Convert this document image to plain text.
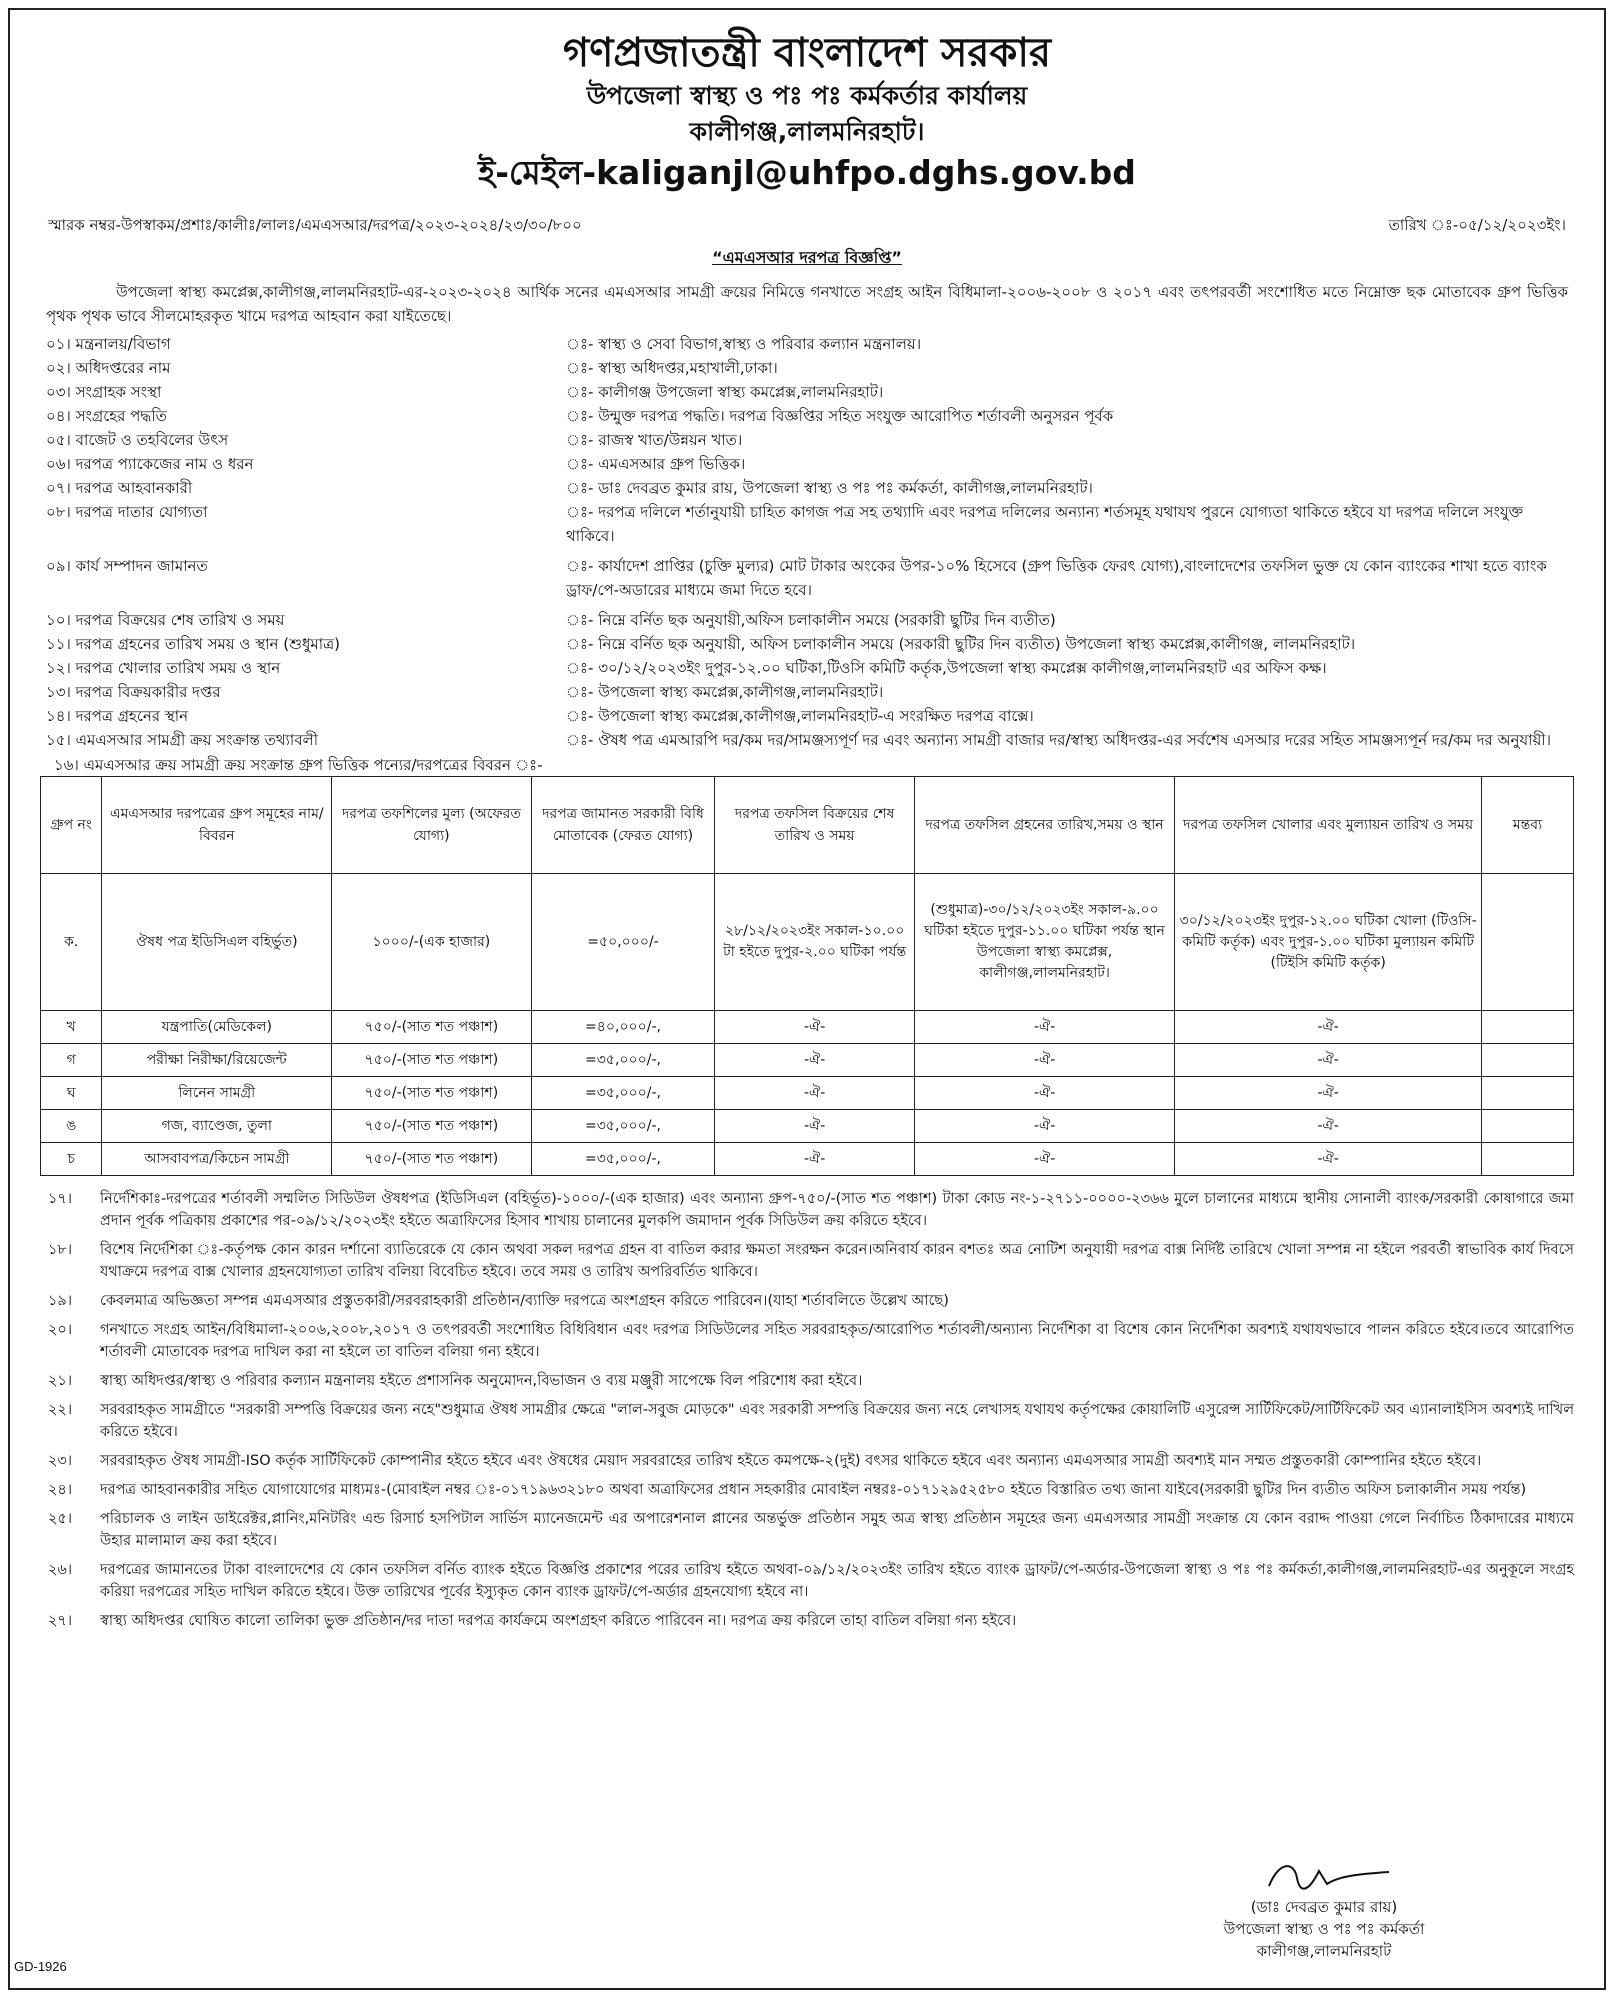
গণপ্রজাতন্ত্রী বাংলাদেশ সরকার
উপজেলা স্বাস্থ্য ও পঃ পঃ কর্মকর্তার কার্যালয়
কালীগঞ্জ,লালমনিরহাট।
ই-মেইল-kaliganjl@uhfpo.dghs.gov.bd
স্মারক নম্বর-উপস্বাকম/প্রশাঃ/কালীঃ/লালঃ/এমএসআর/দরপত্র/২০২৩-২০২৪/২৩/৩০/৮০০	তারিখ ঃ-০৫/১২/২০২৩ইং।
“এমএসআর দরপত্র বিজ্ঞপ্তি”
উপজেলা স্বাস্থ্য কমপ্লেক্স,কালীগঞ্জ,লালমনিরহাট-এর-২০২৩-২০২৪ আর্থিক সনের এমএসআর সামগ্রী ক্রয়ের নিমিত্তে গনখাতে সংগ্রহ আইন বিধিমালা-২০০৬-২০০৮ ও ২০১৭ এবং তৎপরবর্তী সংশোধিত মতে নিম্নোক্ত ছক মোতাবেক গ্রুপ ভিত্তিক পৃথক পৃথক ভাবে সীলমোহরকৃত খামে দরপত্র আহবান করা যাইতেছে।
০১। মন্ত্রনালয়/বিভাগ	ঃ- স্বাস্থ্য ও সেবা বিভাগ,স্বাস্থ্য ও পরিবার কল্যান মন্ত্রনালয়।
০২। অধিদপ্তরের নাম	ঃ- স্বাস্থ্য অধিদপ্তর,মহাখালী,ঢাকা।
০৩। সংগ্রাহক সংস্থা	ঃ- কালীগঞ্জ উপজেলা স্বাস্থ্য কমপ্লেক্স,লালমনিরহাট।
০৪। সংগ্রহের পদ্ধতি	ঃ- উন্মুক্ত দরপত্র পদ্ধতি। দরপত্র বিজ্ঞপ্তির সহিত সংযুক্ত আরোপিত শর্তাবলী অনুসরন পূর্বক
০৫। বাজেট ও তহবিলের উৎস	ঃ- রাজস্ব খাত/উন্নয়ন খাত।
০৬। দরপত্র প্যাকেজের নাম ও ধরন	ঃ- এমএসআর গ্রুপ ভিত্তিক।
০৭। দরপত্র আহবানকারী	ঃ- ডাঃ দেবব্রত কুমার রায়, উপজেলা স্বাস্থ্য ও পঃ পঃ কর্মকর্তা, কালীগঞ্জ,লালমনিরহাট।
০৮। দরপত্র দাতার যোগ্যতা	ঃ- দরপত্র দলিলে শর্তানুযায়ী চাহিত কাগজ পত্র সহ তথ্যাদি এবং দরপত্র দলিলের অন্যান্য শর্তসমূহ যথাযথ পুরনে যোগ্যতা থাকিতে হইবে যা দরপত্র দলিলে সংযুক্ত থাকিবে।
০৯। কার্য সম্পাদন জামানত	ঃ- কার্যাদেশ প্রাপ্তির (চুক্তি মুল্যর) মোট টাকার অংকের উপর-১০% হিসেবে (গ্রুপ ভিত্তিক ফেরৎ যোগ্য),বাংলাদেশের তফসিল ভুক্ত যে কোন ব্যাংকের শাখা হতে ব্যাংক ড্রাফ/পে-অডারের মাধ্যমে জমা দিতে হবে।
১০। দরপত্র বিক্রয়ের শেষ তারিখ ও সময়	ঃ- নিম্নে বর্নিত ছক অনুযায়ী,অফিস চলাকালীন সময়ে (সরকারী ছুটির দিন ব্যতীত)
১১। দরপত্র গ্রহনের তারিখ সময় ও স্থান (শুধুমাত্র)	ঃ- নিম্নে বর্নিত ছক অনুযায়ী, অফিস চলাকালীন সময়ে (সরকারী ছুটির দিন ব্যতীত) উপজেলা স্বাস্থ্য কমপ্লেক্স,কালীগঞ্জ, লালমনিরহাট।
১২। দরপত্র খোলার তারিখ সময় ও স্থান	ঃ- ৩০/১২/২০২৩ইং দুপুর-১২.০০ ঘটিকা,টিওসি কমিটি কর্তৃক,উপজেলা স্বাস্থ্য কমপ্লেক্স কালীগঞ্জ,লালমনিরহাট এর অফিস কক্ষ।
১৩। দরপত্র বিক্রয়কারীর দপ্তর	ঃ- উপজেলা স্বাস্থ্য কমপ্লেক্স,কালীগঞ্জ,লালমনিরহাট।
১৪। দরপত্র গ্রহনের স্থান	ঃ- উপজেলা স্বাস্থ্য কমপ্লেক্স,কালীগঞ্জ,লালমনিরহাট-এ সংরক্ষিত দরপত্র বাক্সে।
১৫। এমএসআর সামগ্রী ক্রয় সংক্রান্ত তথ্যাবলী	ঃ- ঔষধ পত্র এমআরপি দর/কম দর/সামঞ্জস্যপূর্ণ দর এবং অন্যান্য সামগ্রী বাজার দর/স্বাস্থ্য অধিদপ্তর-এর সর্বশেষ এসআর দরের সহিত সামঞ্জস্যপূর্ন দর/কম দর অনুযায়ী।
১৬। এমএসআর ক্রয় সামগ্রী ক্রয় সংক্রান্ত গ্রুপ ভিত্তিক পন্যের/দরপত্রের বিবরন ঃ-
গ্রুপ নং	এমএসআর দরপত্রের গ্রুপ সমূহের নাম/বিবরন	দরপত্র তফশিলের মুল্য (অফেরত যোগ্য)	দরপত্র জামানত সরকারী বিধি মোতাবেক (ফেরত যোগ্য)	দরপত্র তফসিল বিক্রয়ের শেষ তারিখ ও সময়	দরপত্র তফসিল গ্রহনের তারিখ,সময় ও স্থান	দরপত্র তফসিল খোলার এবং মুল্যায়ন তারিখ ও সময়	মন্তব্য
ক.	ঔষধ পত্র ইডিসিএল বহির্ভুত)	১০০০/-(এক হাজার)	=৫০,০০০/-	২৮/১২/২০২৩ইং সকাল-১০.০০ টা হইতে দুপুর-২.০০ ঘটিকা পর্যন্ত	(শুধুমাত্র)-৩০/১২/২০২৩ইং সকাল-৯.০০ ঘটিকা হইতে দুপুর-১১.০০ ঘটিকা পর্যন্ত স্থান উপজেলা স্বাস্থ্য কমপ্লেক্স, কালীগঞ্জ,লালমনিরহাট।	৩০/১২/২০২৩ইং দুপুর-১২.০০ ঘটিকা খোলা (টিওসি-কমিটি কর্তৃক) এবং দুপুর-১.০০ ঘটিকা মুল্যায়ন কমিটি (টিইসি কমিটি কর্তৃক)	
খ	যন্ত্রপাতি(মেডিকেল)	৭৫০/-(সাত শত পঞ্চাশ)	=৪০,০০০/-,	-ঐ-	-ঐ-	-ঐ-	
গ	পরীক্ষা নিরীক্ষা/রিয়েজেন্ট	৭৫০/-(সাত শত পঞ্চাশ)	=৩৫,০০০/-,	-ঐ-	-ঐ-	-ঐ-	
ঘ	লিনেন সামগ্রী	৭৫০/-(সাত শত পঞ্চাশ)	=৩৫,০০০/-,	-ঐ-	-ঐ-	-ঐ-	
ঙ	গজ, ব্যাণ্ডেজ, তুলা	৭৫০/-(সাত শত পঞ্চাশ)	=৩৫,০০০/-,	-ঐ-	-ঐ-	-ঐ-	
চ	আসবাবপত্র/কিচেন সামগ্রী	৭৫০/-(সাত শত পঞ্চাশ)	=৩৫,০০০/-,	-ঐ-	-ঐ-	-ঐ-	
১৭।	নির্দেশিকাঃ-দরপত্রের শর্তাবলী সম্মলিত সিডিউল ঔষধপত্র (ইডিসিএল (বহির্ভূত)-১০০০/-(এক হাজার) এবং অন্যান্য গ্রুপ-৭৫০/-(সাত শত পঞ্চাশ) টাকা কোড নং-১-২৭১১-০০০০-২৩৬৬ মুলে চালানের মাধ্যমে স্থানীয় সোনালী ব্যাংক/সরকারী কোষাগারে জমা প্রদান পূর্বক পত্রিকায় প্রকাশের পর-০৯/১২/২০২৩ইং হইতে অত্রাফিসের হিসাব শাখায় চালানের মুলকপি জমাদান পূর্বক সিডিউল ক্রয় করিতে হইবে।
১৮।	বিশেষ নির্দেশিকা ঃ-কর্তৃপক্ষ কোন কারন দর্শানো ব্যাতিরেকে যে কোন অথবা সকল দরপত্র গ্রহন বা বাতিল করার ক্ষমতা সংরক্ষন করেন।অনিবার্য কারন বশতঃ অত্র নোটিশ অনুযায়ী দরপত্র বাক্স নির্দিষ্ট তারিখে খোলা সম্পন্ন না হইলে পরবর্তী স্বাভাবিক কার্য দিবসে যথাক্রমে দরপত্র বাক্স খোলার গ্রহনযোগ্যতা তারিখ বলিয়া বিবেচিত হইবে। তবে সময় ও তারিখ অপরিবর্তিত থাকিবে।
১৯।	কেবলমাত্র অভিজ্ঞতা সম্পন্ন এমএসআর প্রস্তুতকারী/সরবরাহকারী প্রতিষ্ঠান/ব্যাক্তি দরপত্রে অংশগ্রহন করিতে পারিবেন।(যাহা শর্তাবলিতে উল্লেখ আছে)
২০।	গনখাতে সংগ্রহ আইন/বিধিমালা-২০০৬,২০০৮,২০১৭ ও তৎপরবর্তী সংশোধিত বিধিবিধান এবং দরপত্র সিডিউলের সহিত সরবরাহকৃত/আরোপিত শর্তাবলী/অন্যান্য নির্দেশিকা বা বিশেষ কোন নির্দেশিকা অবশ্যই যথাযথভাবে পালন করিতে হইবে।তবে আরোপিত শর্তাবলী মোতাবেক দরপত্র দাখিল করা না হইলে তা বাতিল বলিয়া গন্য হইবে।
২১।	স্বাস্থ্য অধিদপ্তর/স্বাস্থ্য ও পরিবার কল্যান মন্ত্রনালয় হইতে প্রশাসনিক অনুমোদন,বিভাজন ও ব্যয় মঞ্জুরী সাপেক্ষে বিল পরিশোধ করা হইবে।
২২।	সরবরাহকৃত সামগ্রীতে "সরকারী সম্পত্তি বিক্রয়ের জন্য নহে"শুধুমাত্র ঔষধ সামগ্রীর ক্ষেত্রে "লাল-সবুজ মোড়কে" এবং সরকারী সম্পত্তি বিক্রয়ের জন্য নহে লেখাসহ যথাযথ কর্তৃপক্ষের কোয়ালিটি এসুরেন্স সার্টিফিকেট/সার্টিফিকেট অব এ্যানালাইসিস অবশ্যই দাখিল করিতে হইবে।
২৩।	সরবরাহকৃত ঔষধ সামগ্রী-ISO কর্তৃক সার্টিফিকেট কোম্পানীর হইতে হইবে এবং ঔষধের মেয়াদ সরবরাহের তারিখ হইতে কমপক্ষে-২(দুই) বৎসর থাকিতে হইবে এবং অন্যান্য এমএসআর সামগ্রী অবশ্যই মান সম্মত প্রস্তুতকারী কোম্পানির হইতে হইবে।
২৪।	দরপত্র আহবানকারীর সহিত যোগাযোগের মাধ্যমঃ-(মোবাইল নম্বর ঃ-০১৭১৯৬৩২১৮০ অথবা অত্রাফিসের প্রধান সহকারীর মোবাইল নম্বরঃ-০১৭১২৯৫২৫৮০ হইতে বিস্তারিত তথ্য জানা যাইবে(সরকারী ছুটির দিন ব্যতীত অফিস চলাকালীন সময় পর্যন্ত)
২৫।	পরিচালক ও লাইন ডাইরেক্টর,প্লানিং,মনিটরিং এন্ড রিসার্চ হসপিটাল সার্ভিস ম্যানেজমেন্ট এর অপারেশনাল প্লানের অন্তর্ভুক্ত প্রতিষ্ঠান সমুহ অত্র স্বাস্থ্য প্রতিষ্ঠান সমূহের জন্য এমএসআর সামগ্রী সংক্রান্ত যে কোন বরাদ্দ পাওয়া গেলে নির্বাচিত ঠিকাদারের মাধ্যমে উহার মালামাল ক্রয় করা হইবে।
২৬।	দরপত্রের জামানতের টাকা বাংলাদেশের যে কোন তফসিল বর্নিত ব্যাংক হইতে বিজ্ঞপ্তি প্রকাশের পরের তারিখ হইতে অথবা-০৯/১২/২০২৩ইং তারিখ হইতে ব্যাংক ড্রাফট/পে-অর্ডার-উপজেলা স্বাস্থ্য ও পঃ পঃ কর্মকর্তা,কালীগঞ্জ,লালমনিরহাট-এর অনুকূলে সংগ্রহ করিয়া দরপত্রের সহিত দাখিল করিতে হইবে। উক্ত তারিখের পূর্বের ইস্যুকৃত কোন ব্যাংক ড্রাফট/পে-অর্ডার গ্রহনযোগ্য হইবে না।
২৭।	স্বাস্থ্য অধিদপ্তর ঘোষিত কালো তালিকা ভুক্ত প্রতিষ্ঠান/দর দাতা দরপত্র কার্যক্রমে অংশগ্রহণ করিতে পারিবেন না। দরপত্র ক্রয় করিলে তাহা বাতিল বলিয়া গন্য হইবে।
(ডাঃ দেবব্রত কুমার রায়)
উপজেলা স্বাস্থ্য ও পঃ পঃ কর্মকর্তা
কালীগঞ্জ,লালমনিরহাট
GD-1926
